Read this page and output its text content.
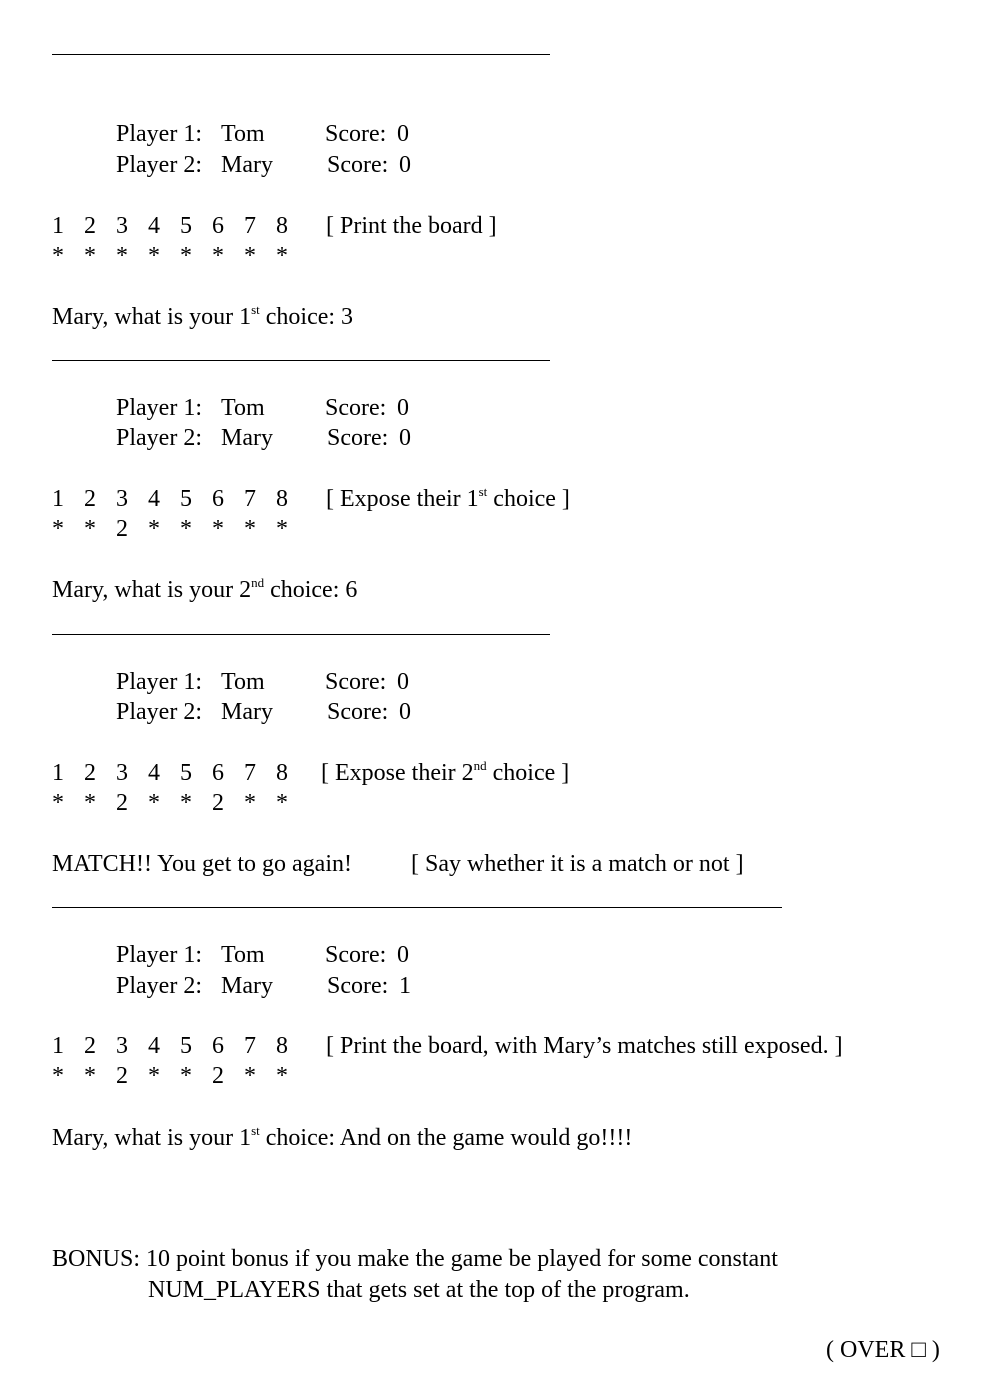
Player 1: Tom	Score: 0
Player 2: Mary Score: 0
1 2 3 4 5 6 7 8 [ Print the board ]
* * * * * * * *
Mary, what is your 1st choice: 3
Player 1: Tom	Score: 0
Player 2: Mary Score: 0
1 2 3 4 5 6 7 8 [ Expose their 1st choice ]
* * 2 * * * * *
Mary, what is your 2nd choice: 6
Player 1: Tom	Score: 0
Player 2: Mary Score: 0
1 2 3 4 5 6 7 8 [ Expose their 2nd choice ]
* * 2 * * 2 * *
MATCH!! You get to go again! [ Say whether it is a match or not ]
Player 1: Tom	Score: 0
Player 2: Mary Score: 1
1 2 3 4 5 6 7 8 [ Print the board, with Mary’s matches still exposed. ]
* * 2 * * 2 * *
Mary, what is your 1st choice: And on the game would go!!!!
BONUS: 10 point bonus if you make the game be played for some constant
NUM_PLAYERS that gets set at the top of the program.
( OVER □ )
